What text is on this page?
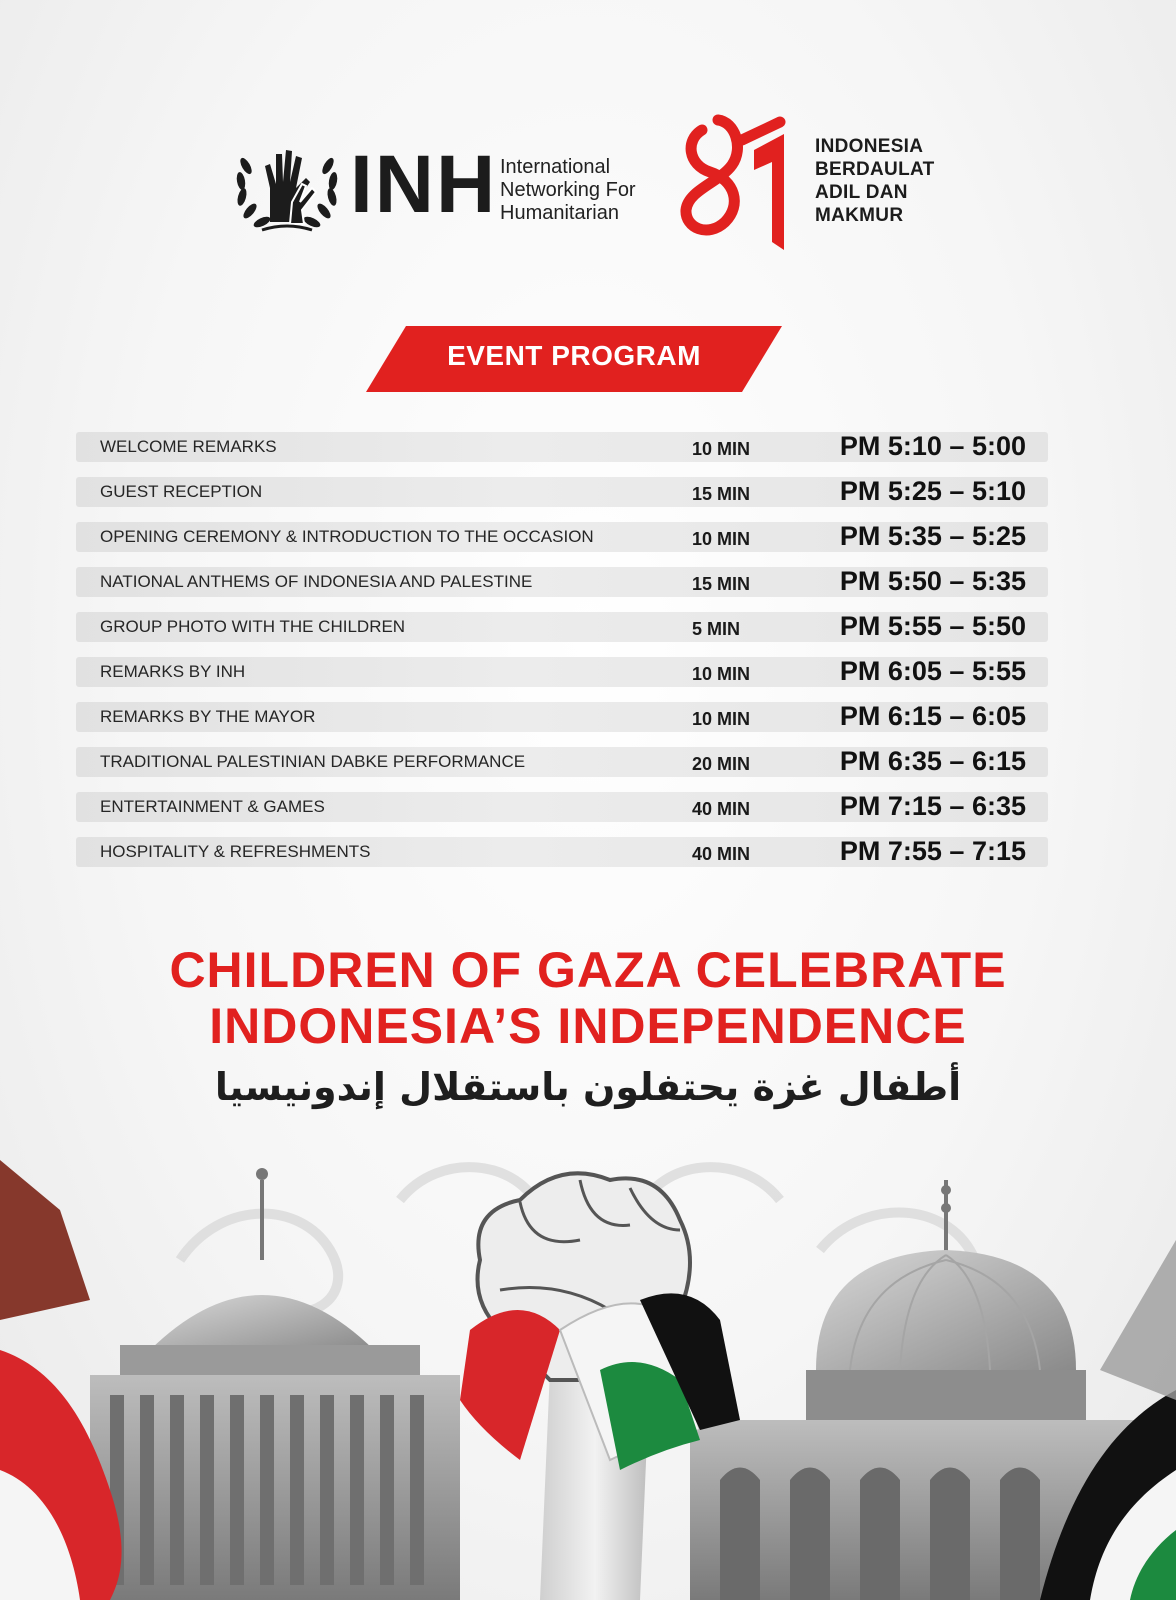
INH International
Networking For
Humanitarian
INDONESIA
BERDAULAT
ADIL DAN
MAKMUR
EVENT PROGRAM
WELCOME REMARKS	10 MIN	PM 5:10 – 5:00
GUEST RECEPTION	15 MIN	PM 5:25 – 5:10
OPENING CEREMONY & INTRODUCTION TO THE OCCASION	10 MIN	PM 5:35 – 5:25
NATIONAL ANTHEMS OF INDONESIA AND PALESTINE	15 MIN	PM 5:50 – 5:35
GROUP PHOTO WITH THE CHILDREN	5 MIN	PM 5:55 – 5:50
REMARKS BY INH	10 MIN	PM 6:05 – 5:55
REMARKS BY THE MAYOR	10 MIN	PM 6:15 – 6:05
TRADITIONAL PALESTINIAN DABKE PERFORMANCE	20 MIN	PM 6:35 – 6:15
ENTERTAINMENT & GAMES	40 MIN	PM 7:15 – 6:35
HOSPITALITY & REFRESHMENTS	40 MIN	PM 7:55 – 7:15
CHILDREN OF GAZA CELEBRATE
INDONESIA’S INDEPENDENCE
أطفال غزة يحتفلون باستقلال إندونيسيا
